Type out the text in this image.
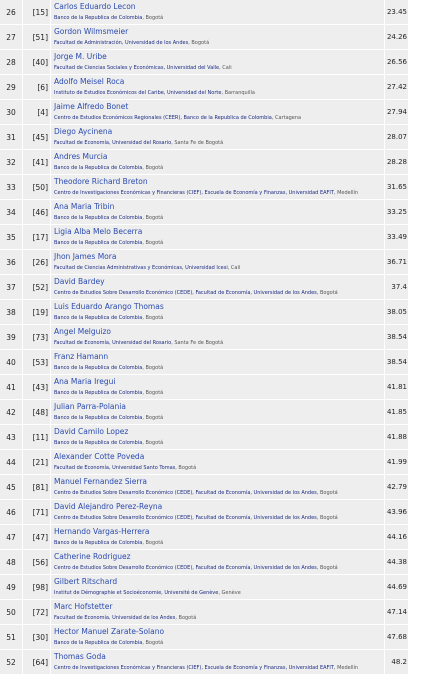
26	[15]
Carlos Eduardo Lecon
Banco de la Republica de Colombia, Bogotá
23.45
27	[51]
Gordon Wilmsmeier
Facultad de Administración, Universidad de los Andes, Bogotá
24.26
28	[40]
Jorge M. Uribe
Facultad de Ciencias Sociales y Económicas, Universidad del Valle, Cali
26.56
29	[6]
Adolfo Meisel Roca
Instituto de Estudios Económicos del Caribe, Universidad del Norte, Barranquilla
27.42
30	[4]
Jaime Alfredo Bonet
Centro de Estudios Económicos Regionales (CEER), Banco de la Republica de Colombia, Cartagena
27.94
31	[45]
Diego Aycinena
Facultad de Economía, Universidad del Rosario, Santa Fe de Bogotá
28.07
32	[41]
Andres Murcia
Banco de la Republica de Colombia, Bogotá
28.28
33	[50]
Theodore Richard Breton
Centro de Investigaciones Económicas y Financieras (CIEF), Escuela de Economía y Finanzas, Universidad EAFIT, Medellín
31.65
34	[46]
Ana Maria Tribin
Banco de la Republica de Colombia, Bogotá
33.25
35	[17]
Ligia Alba Melo Becerra
Banco de la Republica de Colombia, Bogotá
33.49
36	[26]
Jhon James Mora
Facultad de Ciencias Administrativas y Económicas, Universidad Icesi, Cali
36.71
37	[52]
David Bardey
Centro de Estudios Sobre Desarrollo Económico (CEDE), Facultad de Economía, Universidad de los Andes, Bogotá
37.4
38	[19]
Luis Eduardo Arango Thomas
Banco de la Republica de Colombia, Bogotá
38.05
39	[73]
Angel Melguizo
Facultad de Economía, Universidad del Rosario, Santa Fe de Bogotá
38.54
40	[53]
Franz Hamann
Banco de la Republica de Colombia, Bogotá
38.54
41	[43]
Ana Maria Iregui
Banco de la Republica de Colombia, Bogotá
41.81
42	[48]
Julian Parra-Polania
Banco de la Republica de Colombia, Bogotá
41.85
43	[11]
David Camilo Lopez
Banco de la Republica de Colombia, Bogotá
41.88
44	[21]
Alexander Cotte Poveda
Facultad de Economía, Universidad Santo Tomas, Bogotá
41.99
45	[81]
Manuel Fernandez Sierra
Centro de Estudios Sobre Desarrollo Económico (CEDE), Facultad de Economía, Universidad de los Andes, Bogotá
42.79
46	[71]
David Alejandro Perez-Reyna
Centro de Estudios Sobre Desarrollo Económico (CEDE), Facultad de Economía, Universidad de los Andes, Bogotá
43.96
47	[47]
Hernando Vargas-Herrera
Banco de la Republica de Colombia, Bogotá
44.16
48	[56]
Catherine Rodriguez
Centro de Estudios Sobre Desarrollo Económico (CEDE), Facultad de Economía, Universidad de los Andes, Bogotá
44.38
49	[98]
Gilbert Ritschard
Institut de Démographie et Socioéconomie, Université de Genève, Genève
44.69
50	[72]
Marc Hofstetter
Facultad de Economía, Universidad de los Andes, Bogotá
47.14
51	[30]
Hector Manuel Zarate-Solano
Banco de la Republica de Colombia, Bogotá
47.68
52	[64]
Thomas Goda
Centro de Investigaciones Económicas y Financieras (CIEF), Escuela de Economía y Finanzas, Universidad EAFIT, Medellín
48.2
